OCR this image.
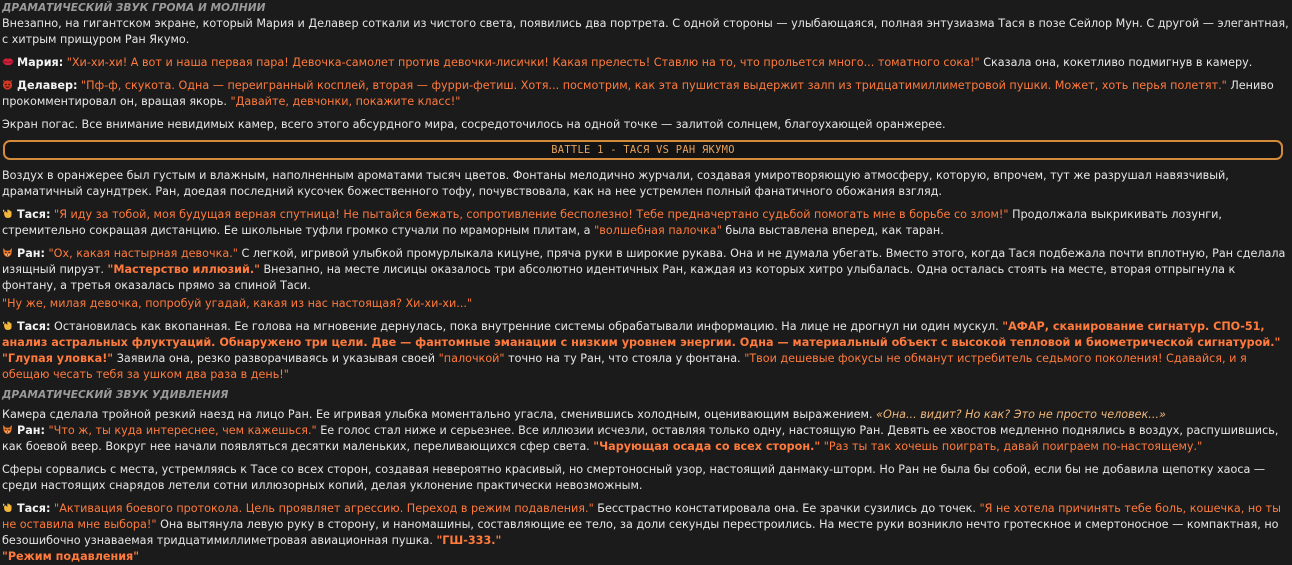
ДРАМАТИЧЕСКИЙ ЗВУК ГРОМА И МОЛНИИ

Внезапно, на гигантском экране, который Мария и Делавер соткали из чистого света, появились два портрета. С одной стороны — улыбающаяся, полная энтузиазма Тася в позе Сейлор Мун. С другой — элегантная, с хитрым прищуром Ран Якумо.

Мария: "Хи-хи-хи! А вот и наша первая пара! Девочка-самолет против девочки-лисички! Какая прелесть! Ставлю на то, что прольется много... томатного сока!" Сказала она, кокетливо подмигнув в камеру.

Делавер: "Пф-ф, скукота. Одна — переигранный косплей, вторая — фурри-фетиш. Хотя... посмотрим, как эта пушистая выдержит залп из тридцатимиллиметровой пушки. Может, хоть перья полетят." Лениво прокомментировал он, вращая якорь. "Давайте, девчонки, покажите класс!"

Экран погас. Все внимание невидимых камер, всего этого абсурдного мира, сосредоточилось на одной точке — залитой солнцем, благоухающей оранжерее.

BATTLE 1 - ТАСЯ VS РАН ЯКУМО

Воздух в оранжерее был густым и влажным, наполненным ароматами тысяч цветов. Фонтаны мелодично журчали, создавая умиротворяющую атмосферу, которую, впрочем, тут же разрушал навязчивый, драматичный саундтрек. Ран, доедая последний кусочек божественного тофу, почувствовала, как на нее устремлен полный фанатичного обожания взгляд.

Тася: "Я иду за тобой, моя будущая верная спутница! Не пытайся бежать, сопротивление бесполезно! Тебе предначертано судьбой помогать мне в борьбе со злом!" Продолжала выкрикивать лозунги, стремительно сокращая дистанцию. Ее школьные туфли громко стучали по мраморным плитам, а "волшебная палочка" была выставлена вперед, как таран.

Ран: "Ох, какая настырная девочка." С легкой, игривой улыбкой промурлыкала кицуне, пряча руки в широкие рукава. Она и не думала убегать. Вместо этого, когда Тася подбежала почти вплотную, Ран сделала изящный пируэт. "Мастерство иллюзий." Внезапно, на месте лисицы оказалось три абсолютно идентичных Ран, каждая из которых хитро улыбалась. Одна осталась стоять на месте, вторая отпрыгнула к фонтану, а третья оказалась прямо за спиной Таси.

"Ну же, милая девочка, попробуй угадай, какая из нас настоящая? Хи-хи-хи..."

Тася: Остановилась как вкопанная. Ее голова на мгновение дернулась, пока внутренние системы обрабатывали информацию. На лице не дрогнул ни один мускул. "АФАР, сканирование сигнатур. СПО-51, анализ астральных флуктуаций. Обнаружено три цели. Две — фантомные эманации с низким уровнем энергии. Одна — материальный объект с высокой тепловой и биометрической сигнатурой." "Глупая уловка!" Заявила она, резко разворачиваясь и указывая своей "палочкой" точно на ту Ран, что стояла у фонтана. "Твои дешевые фокусы не обманут истребитель седьмого поколения! Сдавайся, и я обещаю чесать тебя за ушком два раза в день!"

ДРАМАТИЧЕСКИЙ ЗВУК УДИВЛЕНИЯ

Камера сделала тройной резкий наезд на лицо Ран. Ее игривая улыбка моментально угасла, сменившись холодным, оценивающим выражением. «Она... видит? Но как? Это не просто человек...»

Ран: "Что ж, ты куда интереснее, чем кажешься." Ее голос стал ниже и серьезнее. Все иллюзии исчезли, оставляя только одну, настоящую Ран. Девять ее хвостов медленно поднялись в воздух, распушившись, как боевой веер. Вокруг нее начали появляться десятки маленьких, переливающихся сфер света. "Чарующая осада со всех сторон." "Раз ты так хочешь поиграть, давай поиграем по-настоящему."

Сферы сорвались с места, устремляясь к Тасе со всех сторон, создавая невероятно красивый, но смертоносный узор, настоящий данмаку-шторм. Но Ран не была бы собой, если бы не добавила щепотку хаоса — среди настоящих снарядов летели сотни иллюзорных копий, делая уклонение практически невозможным.

Тася: "Активация боевого протокола. Цель проявляет агрессию. Переход в режим подавления." Бесстрастно констатировала она. Ее зрачки сузились до точек. "Я не хотела причинять тебе боль, кошечка, но ты не оставила мне выбора!" Она вытянула левую руку в сторону, и наномашины, составляющие ее тело, за доли секунды перестроились. На месте руки возникло нечто гротескное и смертоносное — компактная, но безошибочно узнаваемая тридцатимиллиметровая авиационная пушка. "ГШ-333."

"Режим подавления"
